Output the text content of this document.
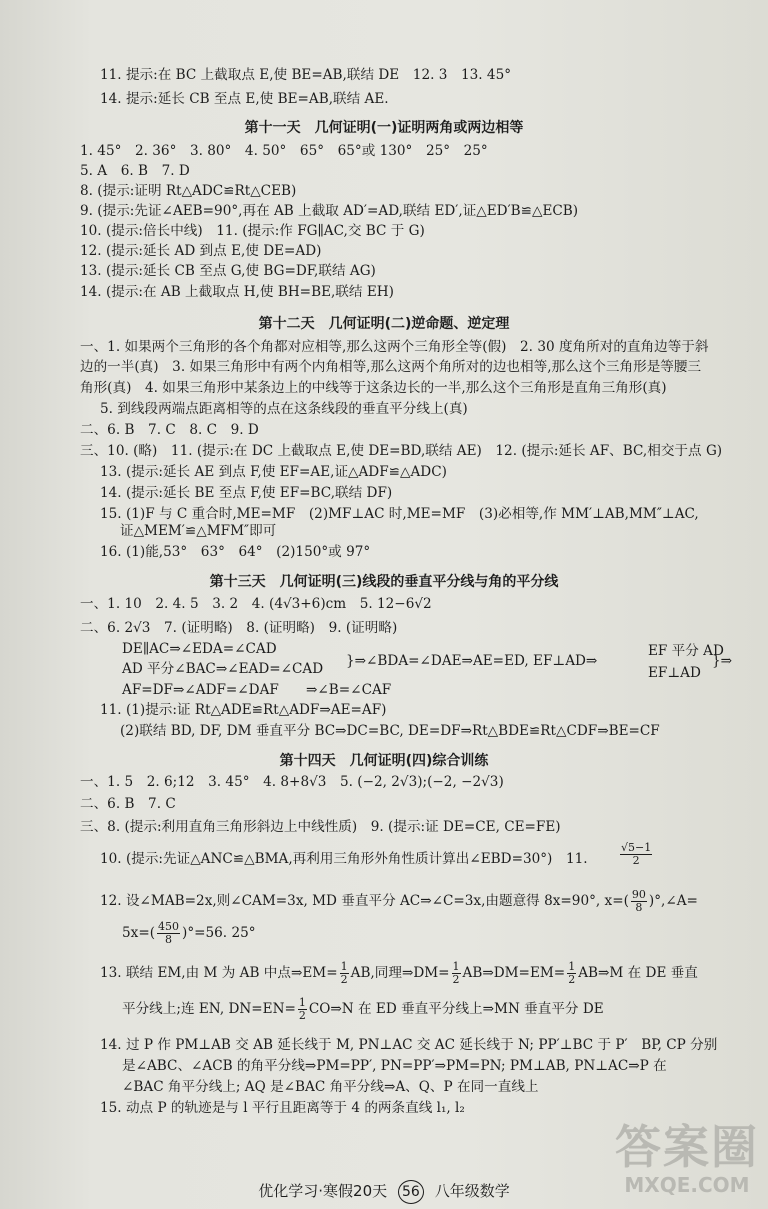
11. 提示:在 BC 上截取点 E,使 BE=AB,联结 DE　12. 3　13. 45°
14. 提示:延长 CB 至点 E,使 BE=AB,联结 AE.
第十一天　几何证明(一)证明两角或两边相等
1. 45°　2. 36°　3. 80°　4. 50°　65°　65°或 130°　25°　25°
5. A　6. B　7. D
8. (提示:证明 Rt△ADC≌Rt△CEB)
9. (提示:先证∠AEB=90°,再在 AB 上截取 AD′=AD,联结 ED′,证△ED′B≌△ECB)
10. (提示:倍长中线)　11. (提示:作 FG∥AC,交 BC 于 G)
12. (提示:延长 AD 到点 E,使 DE=AD)
13. (提示:延长 CB 至点 G,使 BG=DF,联结 AG)
14. (提示:在 AB 上截取点 H,使 BH=BE,联结 EH)
第十二天　几何证明(二)逆命题、逆定理
一、1. 如果两个三角形的各个角都对应相等,那么这两个三角形全等(假)　2. 30 度角所对的直角边等于斜
边的一半(真)　3. 如果三角形中有两个内角相等,那么这两个角所对的边也相等,那么这个三角形是等腰三
角形(真)　4. 如果三角形中某条边上的中线等于这条边长的一半,那么这个三角形是直角三角形(真)
5. 到线段两端点距离相等的点在这条线段的垂直平分线上(真)
二、6. B　7. C　8. C　9. D
三、10. (略)　11. (提示:在 DC 上截取点 E,使 DE=BD,联结 AE)　12. (提示:延长 AF、BC,相交于点 G)
13. (提示:延长 AE 到点 F,使 EF=AE,证△ADF≌△ADC)
14. (提示:延长 BE 至点 F,使 EF=BC,联结 DF)
15. (1)F 与 C 重合时,ME=MF　(2)MF⊥AC 时,ME=MF　(3)必相等,作 MM′⊥AB,MM″⊥AC,
证△MEM′≌△MFM″即可
16. (1)能,53°　63°　64°　(2)150°或 97°
第十三天　几何证明(三)线段的垂直平分线与角的平分线
一、1. 10　2. 4. 5　3. 2　4. (4√3+6)cm　5. 12−6√2
二、6. 2√3　7. (证明略)　8. (证明略)　9. (证明略)
DE∥AC⇒∠EDA=∠CAD
AD 平分∠BAC⇒∠EAD=∠CAD }⇒∠BDA=∠DAE⇒AE=ED, EF⊥AD⇒
EF 平分 AD
EF⊥AD
}⇒
AF=DF⇒∠ADF=∠DAF　　⇒∠B=∠CAF
11. (1)提示:证 Rt△ADE≌Rt△ADF⇒AE=AF)
(2)联结 BD, DF, DM 垂直平分 BC⇒DC=BC, DE=DF⇒Rt△BDE≌Rt△CDF⇒BE=CF
第十四天　几何证明(四)综合训练
一、1. 5　2. 6;12　3. 45°　4. 8+8√3　5. (−2, 2√3);(−2, −2√3)
二、6. B　7. C
三、8. (提示:利用直角三角形斜边上中线性质)　9. (提示:证 DE=CE, CE=FE)
10. (提示:先证△ANC≌△BMA,再利用三角形外角性质计算出∠EBD=30°)　11.	$\frac{√5-1}{2}$
12. 设∠MAB=2x,则∠CAM=3x, MD 垂直平分 AC⇒∠C=3x,由题意得 8x=90°, $x=( \frac{90}{8}$ )°,∠A=
$5x=( \frac{450}{8} )^\circ=56$. 25°
13. 联结 EM,由 M 为 AB 中点⇒EM= $\frac{1}{2}$ AB,同理⇒DM= $\frac{1}{2}$ AB⇒DM=EM= $\frac{1}{2}$ AB⇒M 在 DE 垂直
平分线上;连 EN, $DN=EN= \frac{1}{2}$ CO⇒N 在 ED 垂直平分线上⇒MN 垂直平分 DE
14. 过 P 作 PM⊥AB 交 AB 延长线于 M, PN⊥AC 交 AC 延长线于 N; PP′⊥BC 于 P′　BP, CP 分别
是∠ABC、∠ACB 的角平分线⇒PM=PP′, PN=PP′⇒PM=PN; PM⊥AB, PN⊥AC⇒P 在
∠BAC 角平分线上; AQ 是∠BAC 角平分线⇒A、Q、P 在同一直线上
15. 动点 P 的轨迹是与 l 平行且距离等于 4 的两条直线 l₁, l₂
优化学习·寒假20天 56 八年级数学
答案圈
MXQE.COM
